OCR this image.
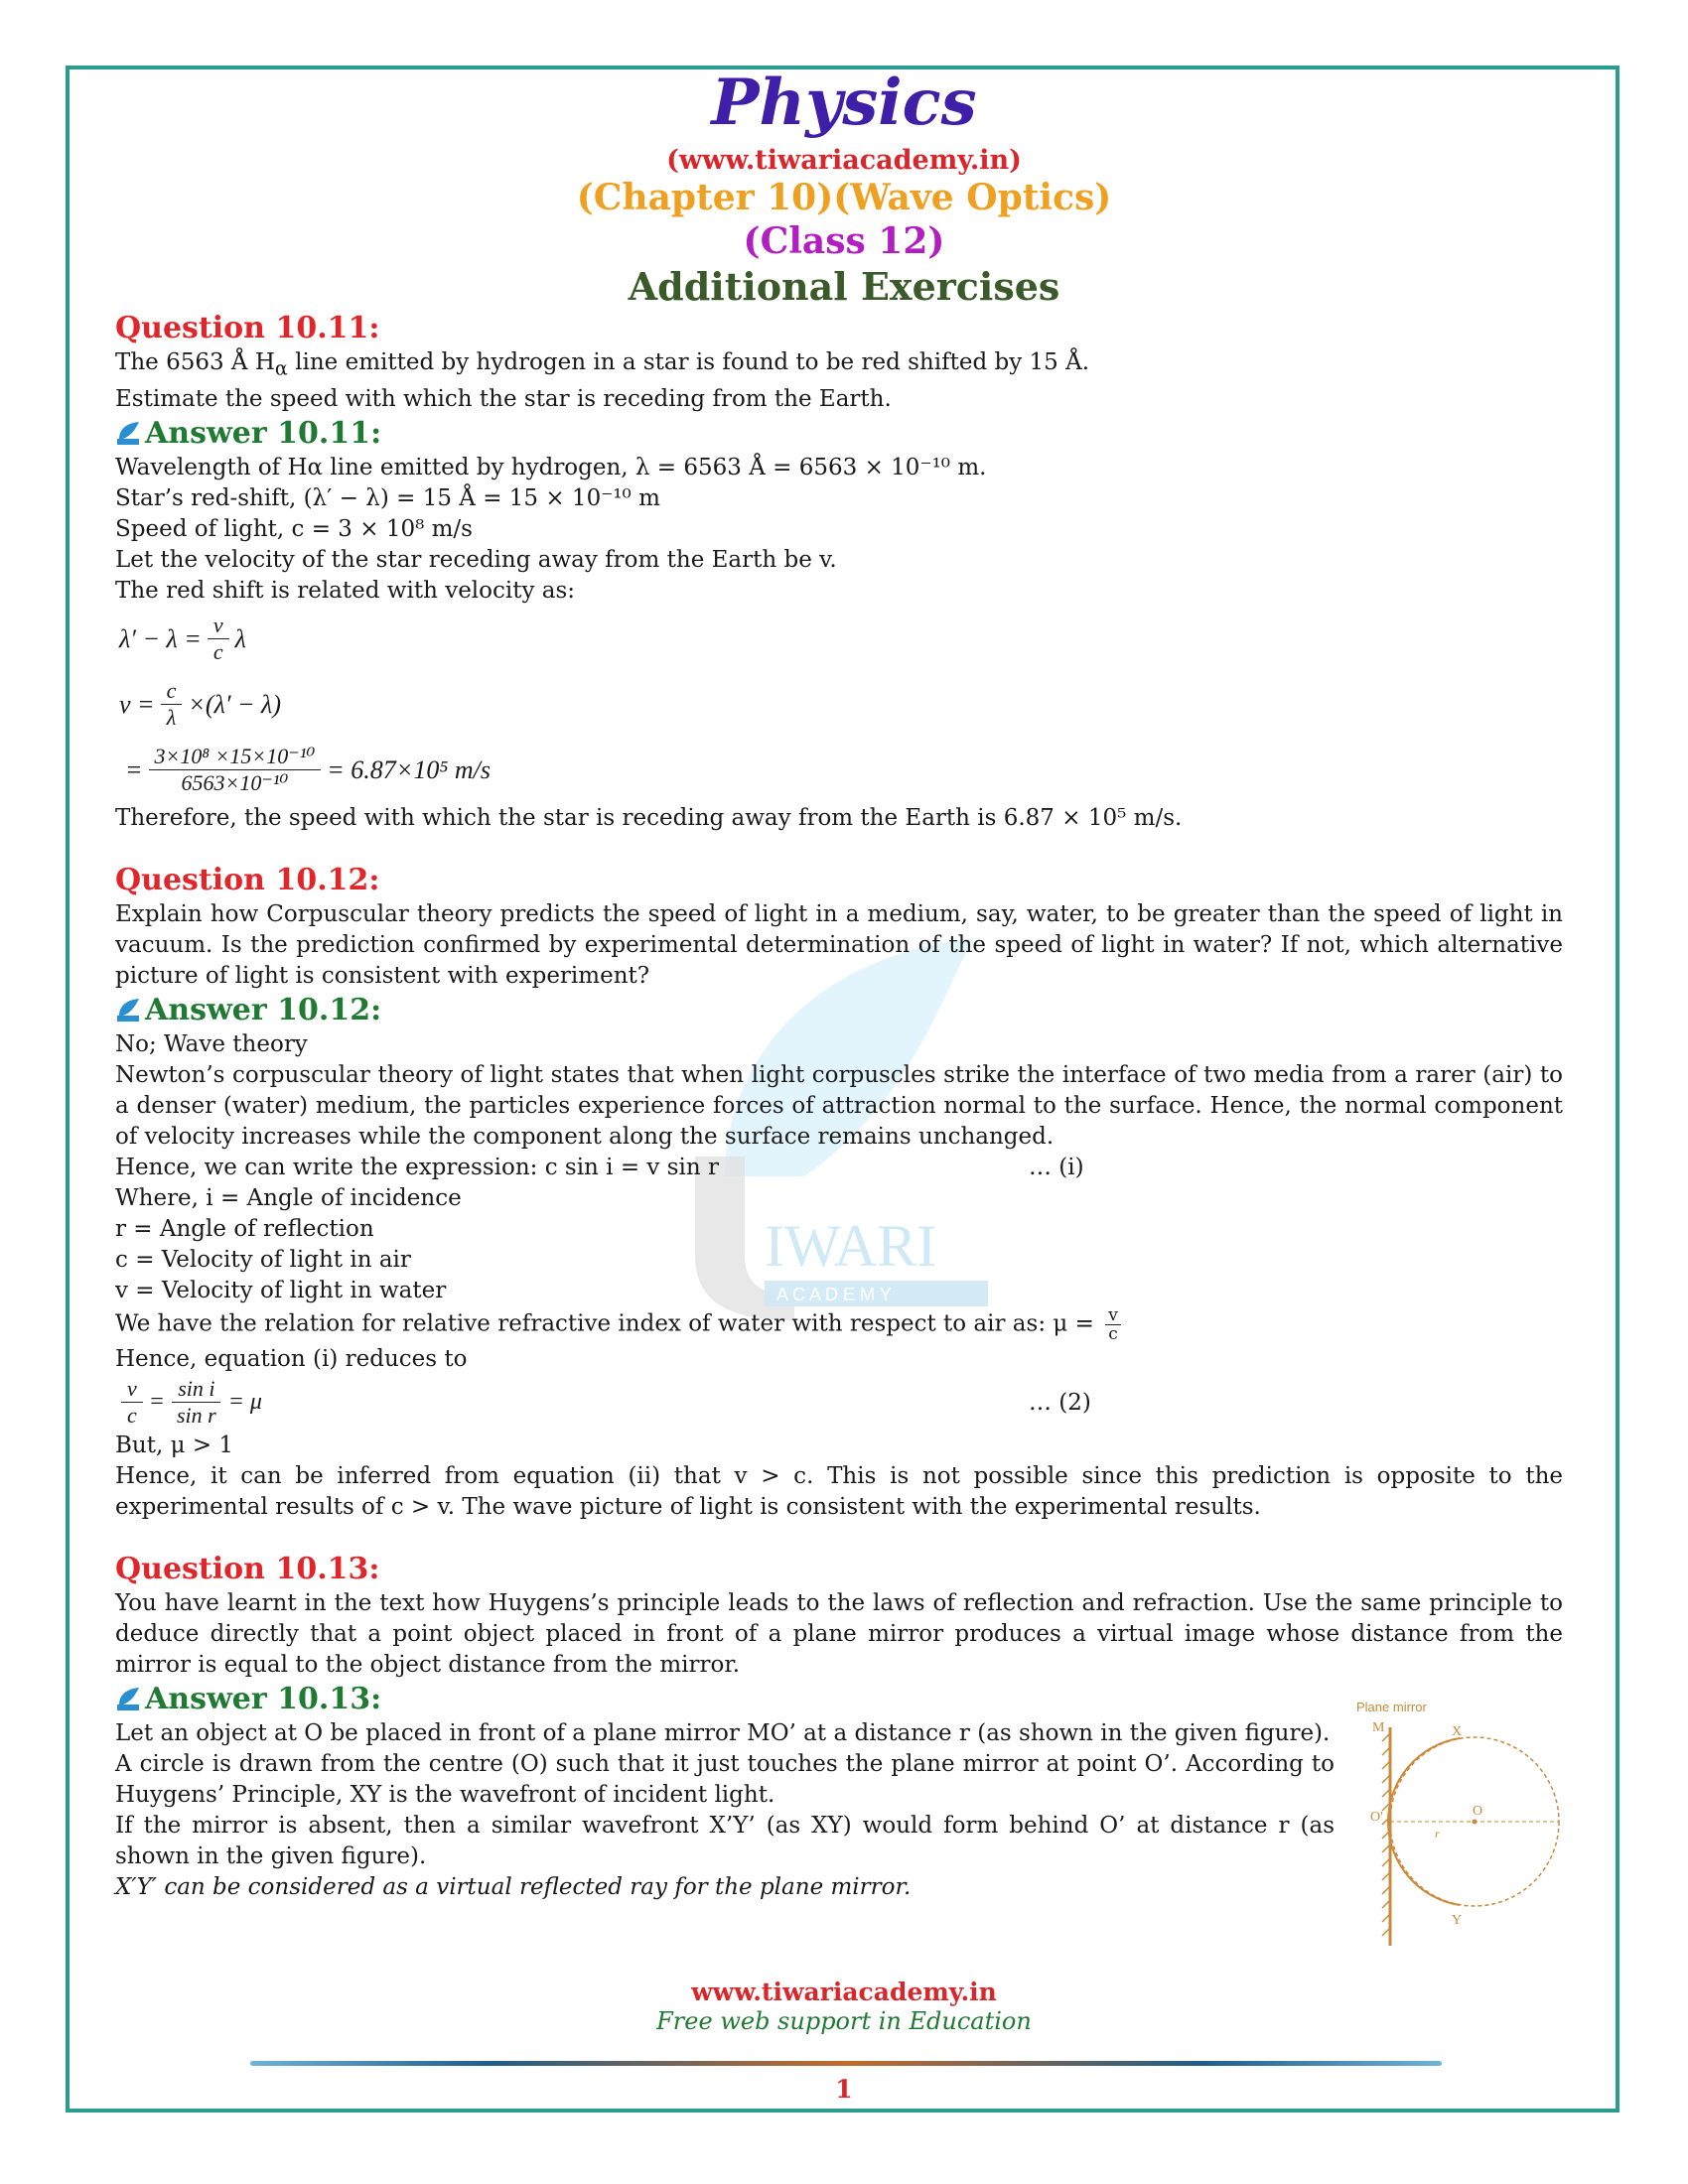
IWARI
A C A D E M Y
Physics
(www.tiwariacademy.in)
(Chapter 10)(Wave Optics)
(Class 12)
Additional Exercises
Question 10.11:

The 6563 Å $H_\alpha$ line emitted by hydrogen in a star is found to be red shifted by 15 Å.

Estimate the speed with which the star is receding from the Earth.

Answer 10.11:

Wavelength of Hα line emitted by hydrogen, λ = 6563 Å = 6563 × 10⁻¹⁰ m.

Star’s red-shift, (λ′ − λ) = 15 Å = 15 × 10⁻¹⁰ m

Speed of light, c = 3 × 10⁸ m/s

Let the velocity of the star receding away from the Earth be v.

The red shift is related with velocity as:

$\lambda' - \lambda = \frac{v}{c}$ λ
$v = \frac{c}{\lambda} \times(\lambda' - \lambda)$
= $\frac{\text{3×10⁸ ×15×10⁻¹⁰}}{\text{6563×10⁻¹⁰}} = 6.87\times 10^5$ m/s

Therefore, the speed with which the star is receding away from the Earth is 6.87 × 10⁵ m/s.

Question 10.12:

Explain how Corpuscular theory predicts the speed of light in a medium, say, water, to be greater than the speed of light in vacuum. Is the prediction confirmed by experimental determination of the speed of light in water? If not, which alternative picture of light is consistent with experiment?

Answer 10.12:

No; Wave theory

Newton’s corpuscular theory of light states that when light corpuscles strike the interface of two media from a rarer (air) to a denser (water) medium, the particles experience forces of attraction normal to the surface. Hence, the normal component of velocity increases while the component along the surface remains unchanged.

Hence, we can write the expression: c sin i = v sin r	… (i)

Where, i = Angle of incidence

r = Angle of reflection

c = Velocity of light in air

v = Velocity of light in water

We have the relation for relative refractive index of water with respect to air as: $\mu = \frac{v}{c}$

Hence, equation (i) reduces to

$\frac{v}{c} = \frac{\text{sin i}}{\text{sin r}} = \mu$	… (2)

But, μ > 1

Hence, it can be inferred from equation (ii) that v > c. This is not possible since this prediction is opposite to the experimental results of c > v. The wave picture of light is consistent with the experimental results.

Question 10.13:

You have learnt in the text how Huygens’s principle leads to the laws of reflection and refraction. Use the same principle to deduce directly that a point object placed in front of a plane mirror produces a virtual image whose distance from the mirror is equal to the object distance from the mirror.

Answer 10.13:

Let an object at O be placed in front of a plane mirror MO’ at a distance r (as shown in the given figure).

A circle is drawn from the centre (O) such that it just touches the plane mirror at point O’. According to Huygens’ Principle, XY is the wavefront of incident light.

If the mirror is absent, then a similar wavefront X’Y’ (as XY) would form behind O’ at distance r (as shown in the given figure).

X′Y′ can be considered as a virtual reflected ray for the plane mirror.

Plane mirror
M
O'	O
X
Y
r
www.tiwariacademy.in
Free web support in Education
1
